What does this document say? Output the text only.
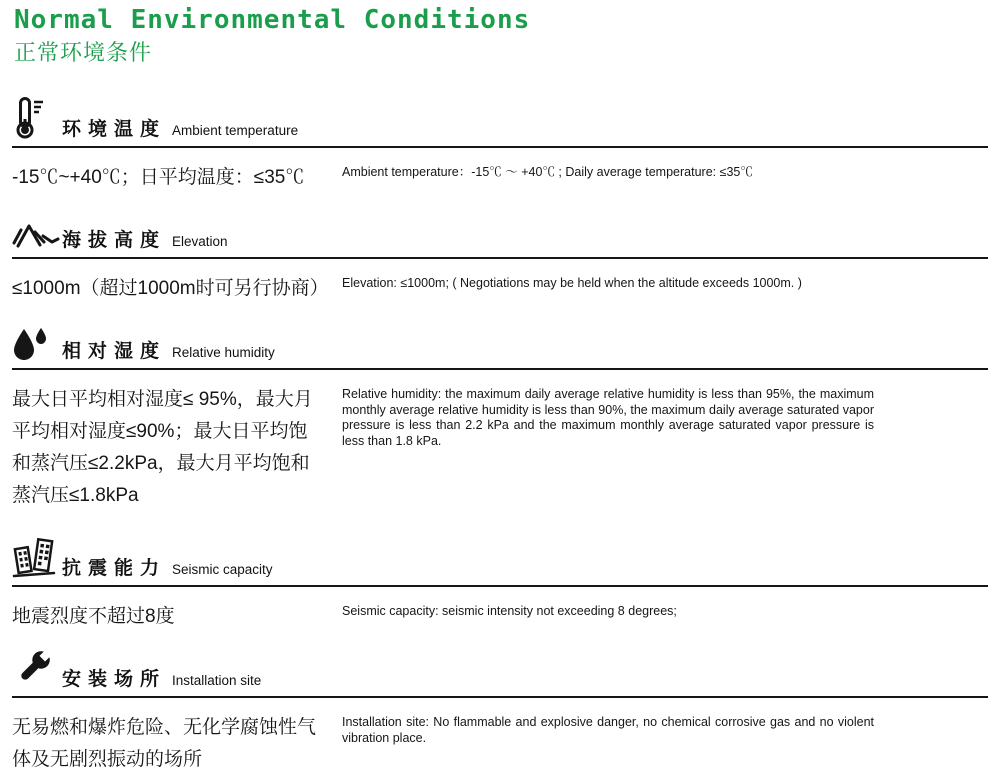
Normal Environmental Conditions
正常环境条件
环境温度 Ambient temperature

-15℃~+40℃；日平均温度：≤35℃	Ambient temperature：-15℃ ～ +40℃ ; Daily average temperature: ≤35℃

海拔高度 Elevation

≤1000m（超过1000m时可另行协商） Elevation: ≤1000m; ( Negotiations may be held when the altitude exceeds 1000m. )

相对湿度 Relative humidity

最大日平均相对湿度≤ 95%，最大月平均相对湿度≤90%；最大日平均饱和蒸汽压≤2.2kPa，最大月平均饱和蒸汽压≤1.8kPa

Relative humidity: the maximum daily average relative humidity is less than 95%, the maximum monthly average relative humidity is less than 90%, the maximum daily average saturated vapor pressure is less than 2.2 kPa and the maximum monthly average saturated vapor pressure is less than 1.8 kPa.

抗震能力 Seismic capacity

地震烈度不超过8度	Seismic capacity: seismic intensity not exceeding 8 degrees;

安装场所 Installation site

无易燃和爆炸危险、无化学腐蚀性气体及无剧烈振动的场所

Installation site: No flammable and explosive danger, no chemical corrosive gas and no violent vibration place.
